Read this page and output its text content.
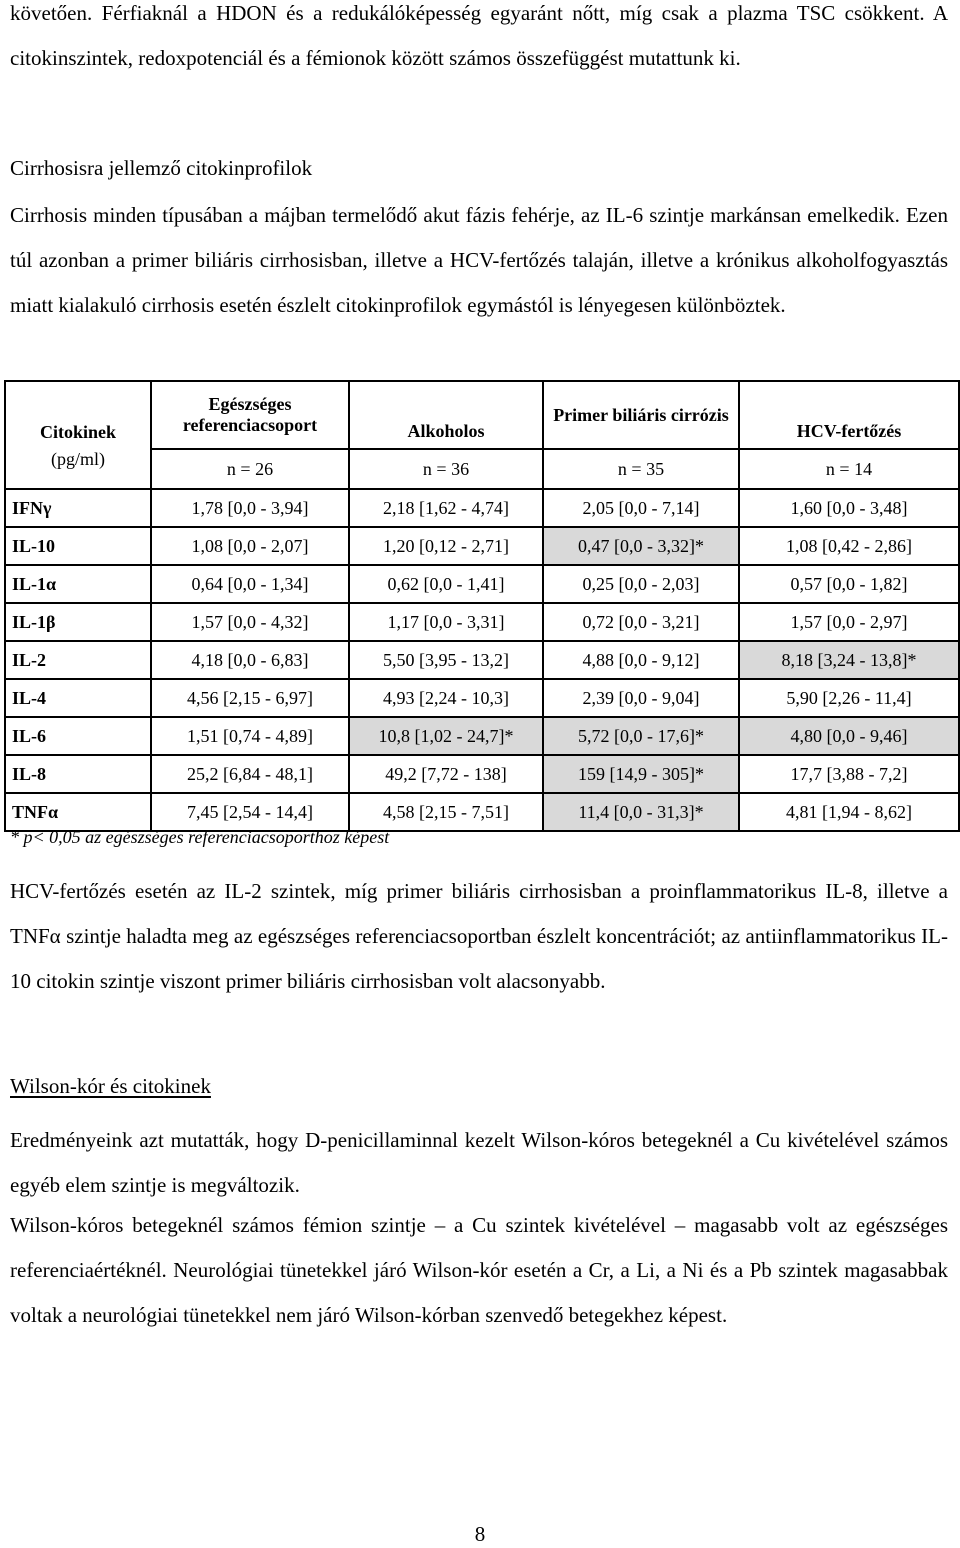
követően. Férfiaknál a HDON és a redukálóképesség egyaránt nőtt, míg csak a plazma TSC csökkent. A citokinszintek, redoxpotenciál és a fémionok között számos összefüggést mutattunk ki.
Cirrhosisra jellemző citokinprofilok
Cirrhosis minden típusában a májban termelődő akut fázis fehérje, az IL-6 szintje markánsan emelkedik. Ezen túl azonban a primer biliáris cirrhosisban, illetve a HCV-fertőzés talaján, illetve a krónikus alkoholfogyasztás miatt kialakuló cirrhosis esetén észlelt citokinprofilok egymástól is lényegesen különböztek.
Citokinek	Egészséges referenciacsoport	Alkoholos	Primer biliáris cirrózis	HCV-fertőzés
(pg/ml)	n = 26	n = 36	n = 35	n = 14
IFNγ	1,78 [0,0 - 3,94]	2,18 [1,62 - 4,74]	2,05 [0,0 - 7,14]	1,60 [0,0 - 3,48]
IL-10	1,08 [0,0 - 2,07]	1,20 [0,12 - 2,71]	0,47 [0,0 - 3,32]*	1,08 [0,42 - 2,86]
IL-1α	0,64 [0,0 - 1,34]	0,62 [0,0 - 1,41]	0,25 [0,0 - 2,03]	0,57 [0,0 - 1,82]
IL-1β	1,57 [0,0 - 4,32]	1,17 [0,0 - 3,31]	0,72 [0,0 - 3,21]	1,57 [0,0 - 2,97]
IL-2	4,18 [0,0 - 6,83]	5,50 [3,95 - 13,2]	4,88 [0,0 - 9,12]	8,18 [3,24 - 13,8]*
IL-4	4,56 [2,15 - 6,97]	4,93 [2,24 - 10,3]	2,39 [0,0 - 9,04]	5,90 [2,26 - 11,4]
IL-6	1,51 [0,74 - 4,89]	10,8 [1,02 - 24,7]*	5,72 [0,0 - 17,6]*	4,80 [0,0 - 9,46]
IL-8	25,2 [6,84 - 48,1]	49,2 [7,72 - 138]	159 [14,9 - 305]*	17,7 [3,88 - 7,2]
TNFα	7,45 [2,54 - 14,4]	4,58 [2,15 - 7,51]	11,4 [0,0 - 31,3]*	4,81 [1,94 - 8,62]
* p< 0,05 az egészséges referenciacsoporthoz képest
HCV-fertőzés esetén az IL-2 szintek, míg primer biliáris cirrhosisban a proinflammatorikus IL-8, illetve a TNFα szintje haladta meg az egészséges referenciacsoportban észlelt koncentrációt; az antiinflammatorikus IL-10 citokin szintje viszont primer biliáris cirrhosisban volt alacsonyabb.
Wilson-kór és citokinek
Eredményeink azt mutatták, hogy D-penicillaminnal kezelt Wilson-kóros betegeknél a Cu kivételével számos egyéb elem szintje is megváltozik.
Wilson-kóros betegeknél számos fémion szintje – a Cu szintek kivételével – magasabb volt az egészséges referenciaértéknél. Neurológiai tünetekkel járó Wilson-kór esetén a Cr, a Li, a Ni és a Pb szintek magasabbak voltak a neurológiai tünetekkel nem járó Wilson-kórban szenvedő betegekhez képest.
8
